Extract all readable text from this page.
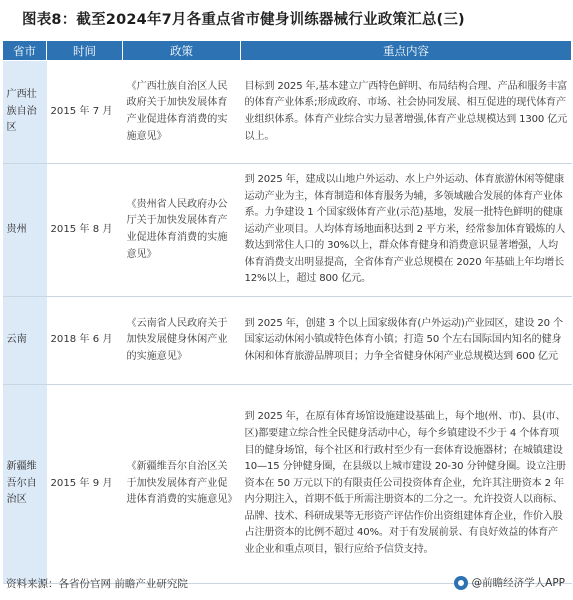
图表8：截至2024年7月各重点省市健身训练器械行业政策汇总(三)
省市	时间	政策	重点内容
广西壮族自治区	2015 年 7 月	《广西壮族自治区人民政府关于加快发展体育产业促进体育消费的实施意见》	目标到 2025 年,基本建立广西特色鲜明、布局结构合理、产品和服务丰富的体育产业体系;形成政府、市场、社会协同发展、相互促进的现代体育产业组织体系。体育产业综合实力显著增强,体育产业总规模达到 1300 亿元以上。
贵州	2015 年 8 月	《贵州省人民政府办公厅关于加快发展体育产业促进体育消费的实施意见》	到 2025 年，建成以山地户外运动、水上户外运动、体育旅游休闲等健康运动产业为主，体育制造和体育服务为辅，多领域融合发展的体育产业体系。力争建设 1 个国家级体育产业(示范)基地，发展一批特色鲜明的健康运动产业项目。人均体育场地面积达到 2 平方米，经常参加体育锻炼的人数达到常住人口的 30%以上，群众体育健身和消费意识显著增强，人均体育消费支出明显提高，全省体育产业总规模在 2020 年基础上年均增长 12%以上，超过 800 亿元。
云南	2018 年 6 月	《云南省人民政府关于加快发展健身休闲产业的实施意见》	到 2025 年，创建 3 个以上国家级体育(户外运动)产业园区，建设 20 个国家运动休闲小镇或特色体育小镇；打造 50 个左右国际国内知名的健身休闲和体育旅游品牌项目；力争全省健身休闲产业总规模达到 600 亿元
新疆维吾尔自治区	2015 年 9 月	《新疆维吾尔自治区关于加快发展体育产业促进体育消费的实施意见》	到 2025 年，在原有体育场馆设施建设基础上，每个地(州、市)、县(市、区)都要建立综合性全民健身活动中心，每个乡镇建设不少于 4 个体育项目的健身场馆，每个社区和行政村至少有一套体育设施器材；在城镇建设 10—15 分钟健身圈，在县级以上城市建设 20-30 分钟健身圈。设立注册资本在 50 万元以下的有限责任公司投资体育企业，允许其注册资本 2 年内分期注入，首期不低于所需注册资本的二分之一。允许投资人以商标、品牌、技术、科研成果等无形资产评估作价出资组建体育企业，作价入股占注册资本的比例不超过 40%。对于有发展前景、有良好效益的体育产业企业和重点项目，银行应给予信贷支持。
资料来源：各省份官网 前瞻产业研究院	@前瞻经济学人APP
